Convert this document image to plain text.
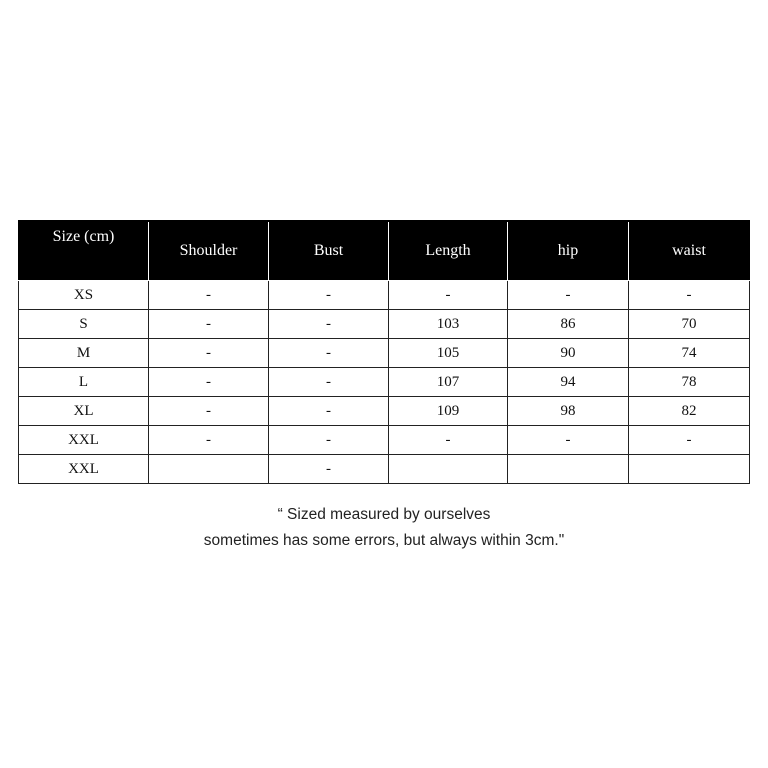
Size (cm)	Shoulder	Bust	Length	hip	waist
XS	-	-	-	-	-
S	-	-	103	86	70
M	-	-	105	90	74
L	-	-	107	94	78
XL	-	-	109	98	82
XXL	-	-	-	-	-
XXL		-			
“ Sized measured by ourselves
sometimes has some errors, but always within 3cm."
